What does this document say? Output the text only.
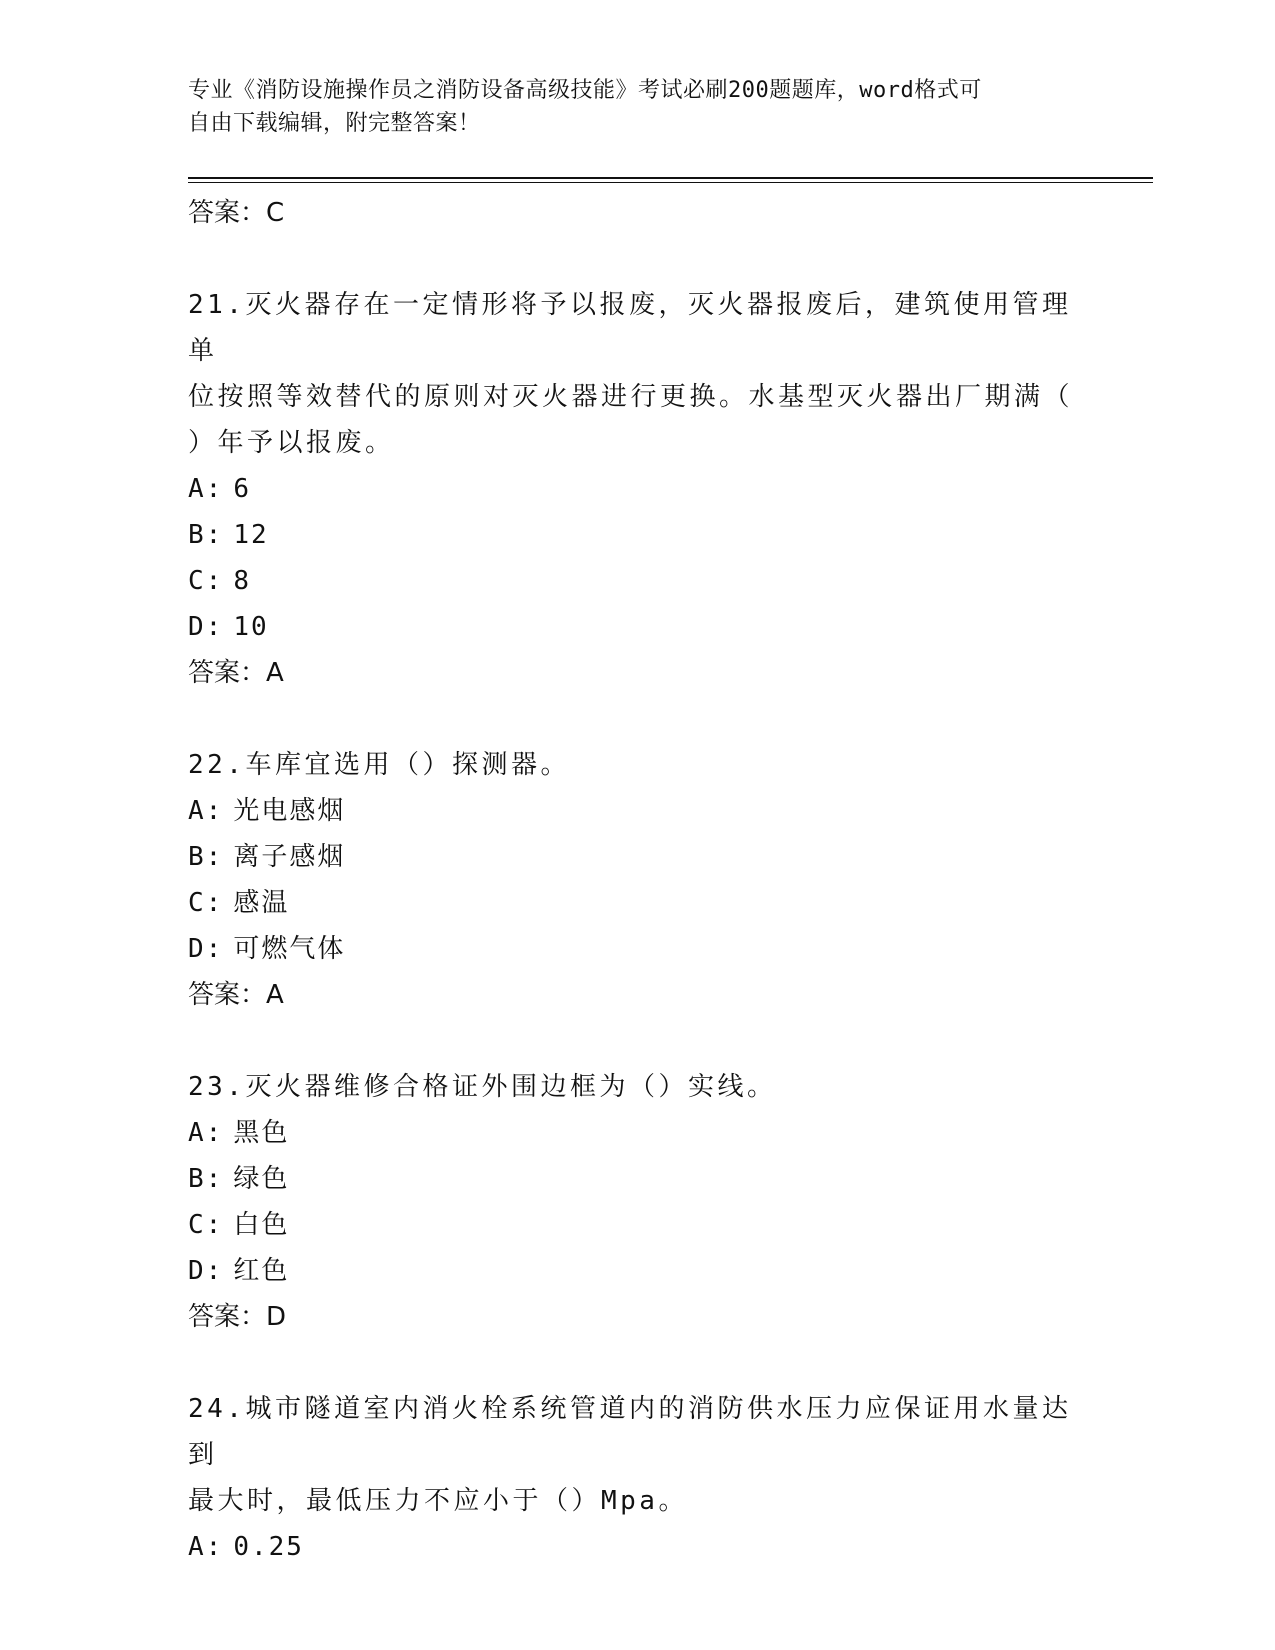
专业《消防设施操作员之消防设备高级技能》考试必刷200题题库，word格式可
自由下载编辑，附完整答案！
答案：C
21.灭火器存在一定情形将予以报废，灭火器报废后，建筑使用管理单
位按照等效替代的原则对灭火器进行更换。水基型灭火器出厂期满（
）年予以报废。
A: 6
B: 12
C: 8
D: 10
答案：A
22.车库宜选用（）探测器。
A: 光电感烟
B: 离子感烟
C: 感温
D: 可燃气体
答案：A
23.灭火器维修合格证外围边框为（）实线。
A: 黑色
B: 绿色
C: 白色
D: 红色
答案：D
24.城市隧道室内消火栓系统管道内的消防供水压力应保证用水量达到
最大时，最低压力不应小于（）Mpa。
A: 0.25
